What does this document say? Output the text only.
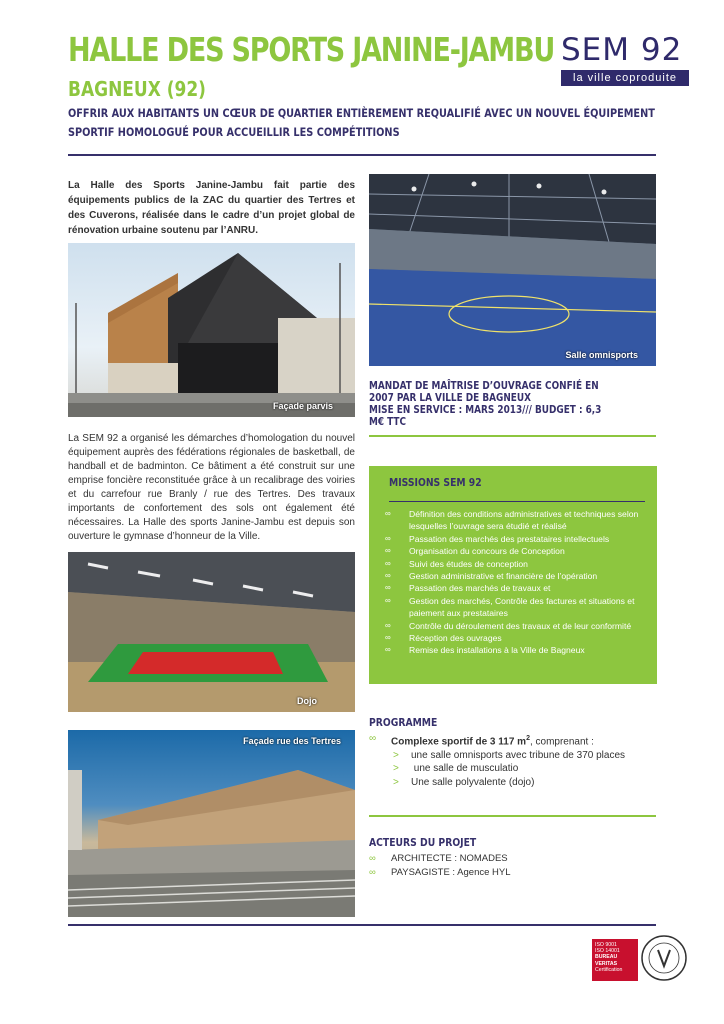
HALLE DES SPORTS JANINE-JAMBU
BAGNEUX (92)
OFFRIR AUX HABITANTS UN CŒUR DE QUARTIER ENTIÈREMENT REQUALIFIÉ AVEC UN NOUVEL ÉQUIPEMENT SPORTIF HOMOLOGUÉ POUR ACCUEILLIR LES COMPÉTITIONS
SEM 92
la ville coproduite
La Halle des Sports Janine-Jambu fait partie des équipements publics de la ZAC du quartier des Tertres et des Cuverons, réalisée dans le cadre d’un projet global de rénovation urbaine soutenu par l’ANRU.
Façade parvis
La SEM 92 a organisé les démarches d’homologation du nouvel équipement auprès des fédérations régionales de basketball, de handball et de badminton. Ce bâtiment a été construit sur une emprise foncière reconstituée grâce à un recalibrage des voiries et du carrefour rue Branly / rue des Tertres. Des travaux importants de confortement des sols ont également été nécessaires. La Halle des sports Janine-Jambu est depuis son ouverture le gymnase d’honneur de la Ville.
Dojo
Façade rue des Tertres
Salle omnisports
MANDAT DE MAÎTRISE D’OUVRAGE CONFIÉ EN 2007 PAR LA VILLE DE BAGNEUX
MISE EN SERVICE : MARS 2013/// BUDGET : 6,3 M€ TTC
MISSIONS SEM 92
∞ Définition des conditions administratives et techniques selon lesquelles l’ouvrage sera étudié et réalisé
∞ Passation des marchés des prestataires intellectuels
∞ Organisation du concours de Conception
∞ Suivi des études de conception
∞ Gestion administrative et financière de l’opération
∞ Passation des marchés de travaux et
∞ Gestion des marchés, Contrôle des factures et situations et paiement aux prestataires
∞ Contrôle du déroulement des travaux et de leur conformité
∞ Réception des ouvrages
∞ Remise des installations à la Ville de Bagneux
PROGRAMME
∞ Complexe sportif de 3 117 $m^2$, comprenant :
> une salle omnisports avec tribune de 370 places
> une salle de musculatio
> Une salle polyvalente (dojo)
ACTEURS DU PROJET
∞ ARCHITECTE : NOMADES
∞ PAYSAGISTE : Agence HYL
ISO 9001
ISO 14001
BUREAU VERITAS
Certification
